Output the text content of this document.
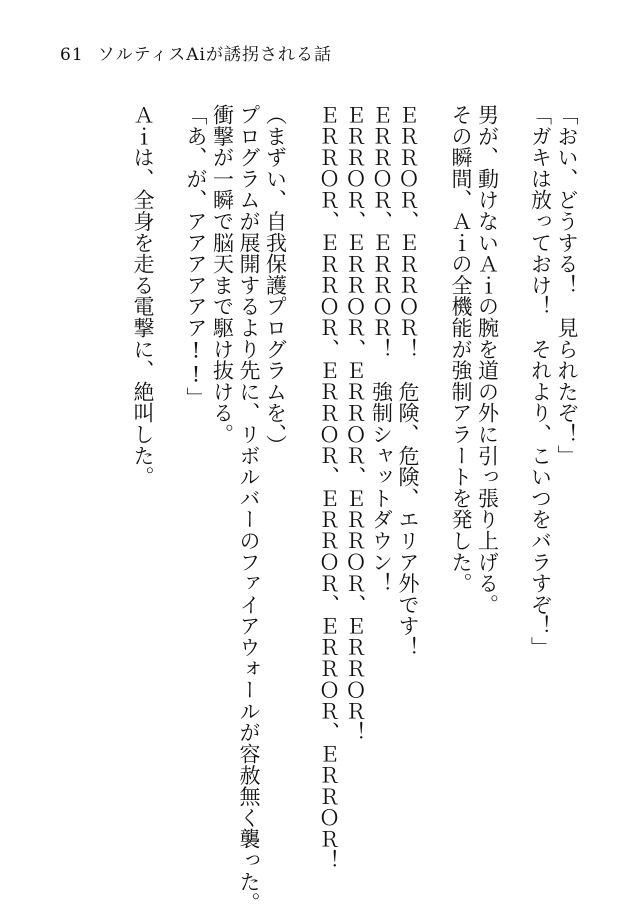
61 ソルティスAiが誘拐される話
「おい、どうする！　見られたぞ！」
「ガキは放っておけ！　それより、こいつをバラすぞ！」
男が、動けないＡｉの腕を道の外に引っ張り上げる。
その瞬間、Ａｉの全機能が強制アラートを発した。
ＥＲＲＯＲ、ＥＲＲＯＲ！　危険、危険、エリア外です！
ＥＲＲＯＲ、ＥＲＲＯＲ！　強制シャットダウン！
ＥＲＲＯＲ、ＥＲＲＯＲ、ＥＲＲＯＲ、ＥＲＲＯＲ、ＥＲＲＯＲ！
ＥＲＲＯＲ、ＥＲＲＯＲ、ＥＲＲＯＲ、ＥＲＲＯＲ、ＥＲＲＯＲ、ＥＲＲＯＲ！
（まずい、自我保護プログラムを、）
プログラムが展開するより先に、リボルバーのファイアウォールが容赦無く襲った。
衝撃が一瞬で脳天まで駆け抜ける。
「あ、が、アアアアアア!!」
Ａｉは、全身を走る電撃に、絶叫した。
